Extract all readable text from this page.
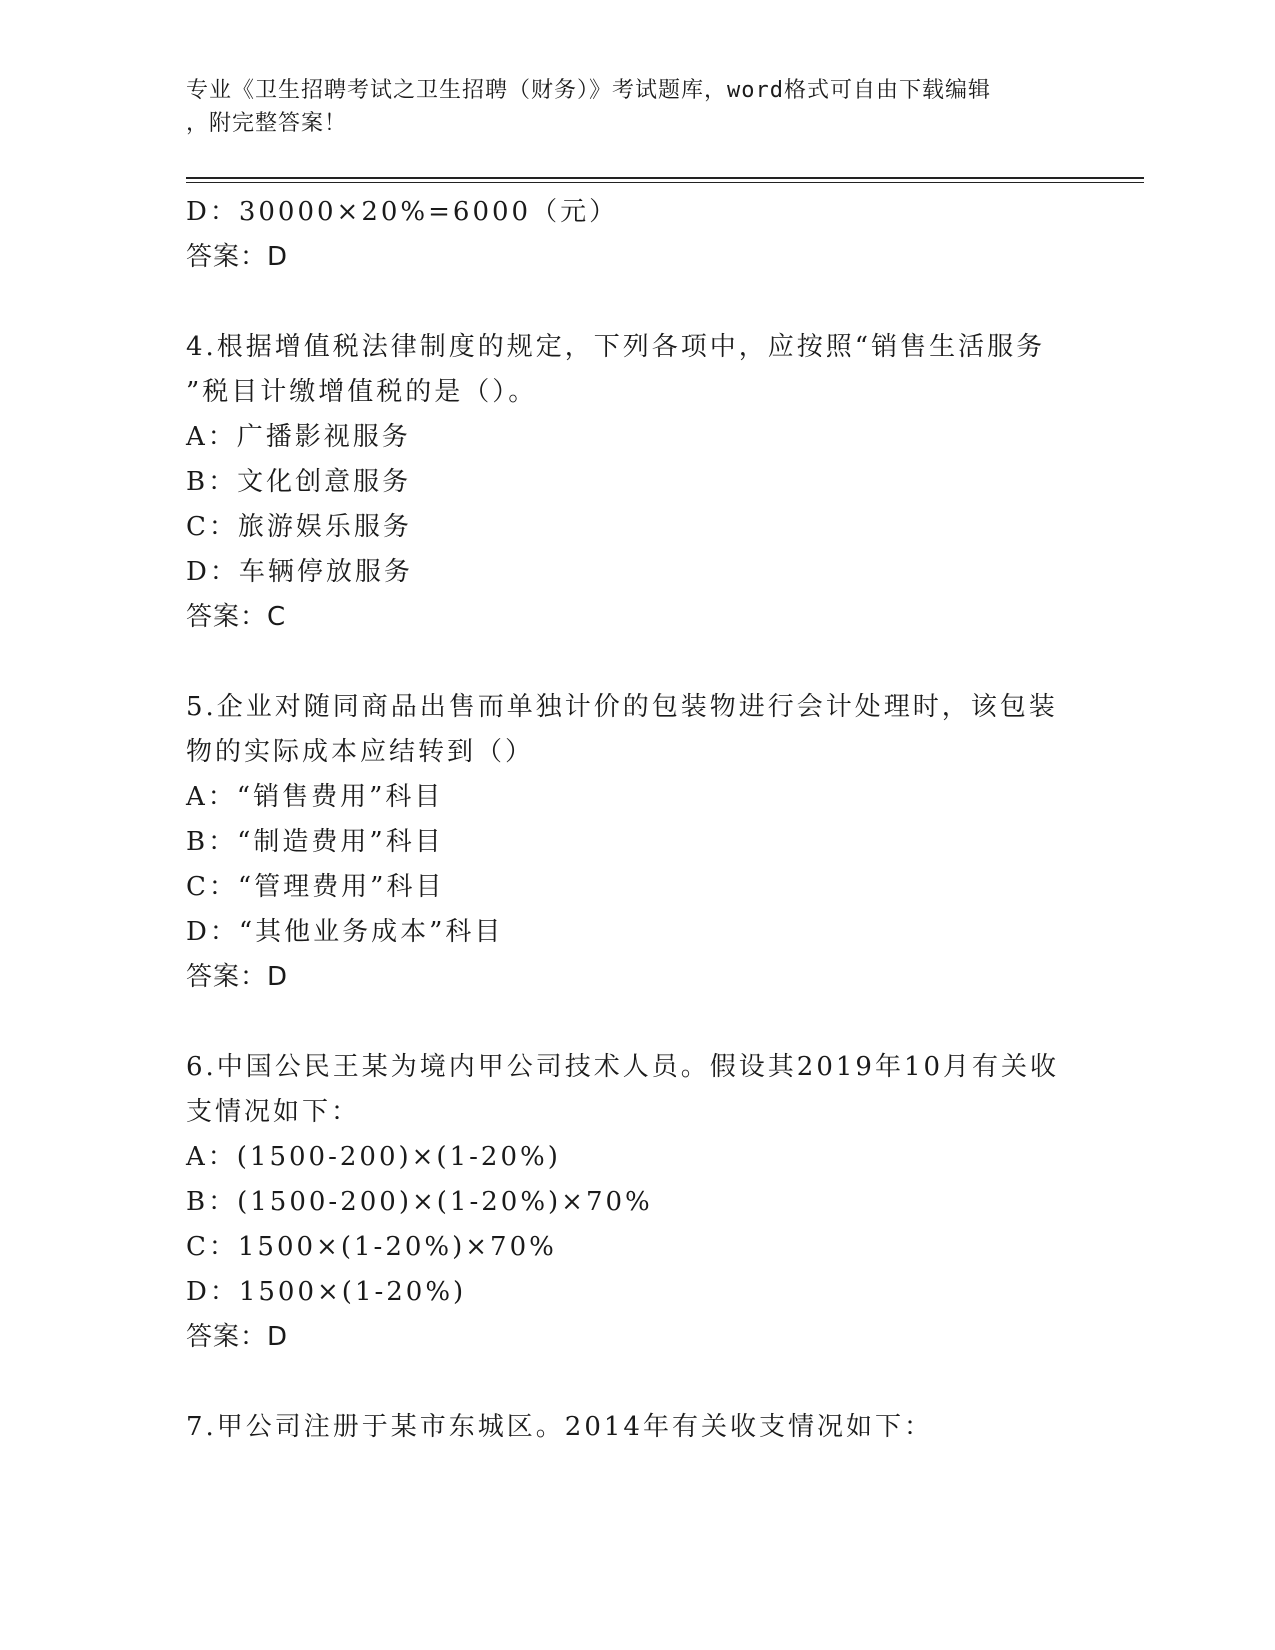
专业《卫生招聘考试之卫生招聘（财务）》考试题库，word格式可自由下载编辑
，附完整答案！
D：30000×20%=6000（元）
答案：D
4.根据增值税法律制度的规定，下列各项中，应按照“销售生活服务
”税目计缴增值税的是（）。
A：广播影视服务
B：文化创意服务
C：旅游娱乐服务
D：车辆停放服务
答案：C
5.企业对随同商品出售而单独计价的包装物进行会计处理时，该包装
物的实际成本应结转到（）
A：“销售费用”科目
B：“制造费用”科目
C：“管理费用”科目
D：“其他业务成本”科目
答案：D
6.中国公民王某为境内甲公司技术人员。假设其2019年10月有关收
支情况如下：
A：(1500-200)×(1-20%)
B：(1500-200)×(1-20%)×70%
C：1500×(1-20%)×70%
D：1500×(1-20%)
答案：D
7.甲公司注册于某市东城区。2014年有关收支情况如下：
